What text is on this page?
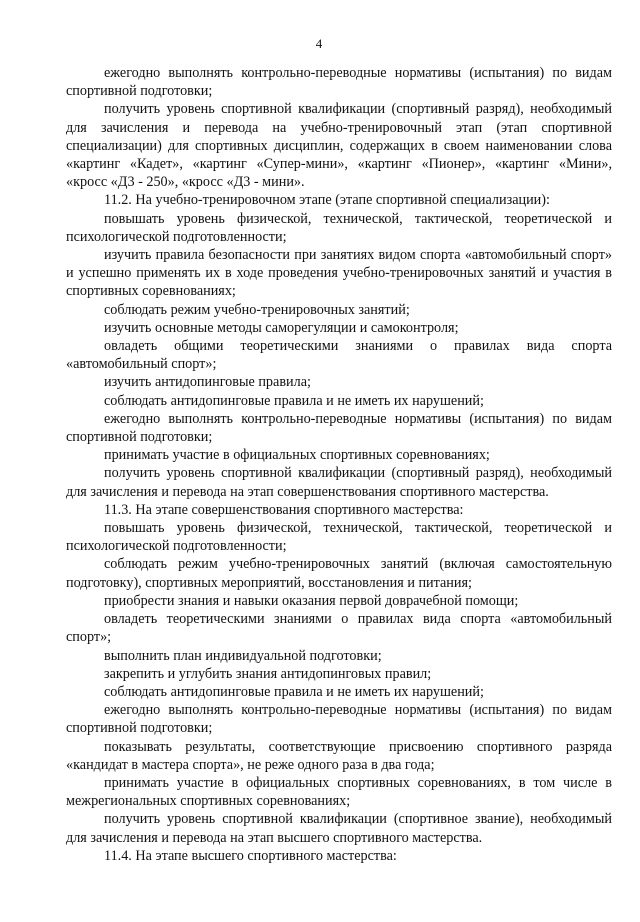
4

ежегодно выполнять контрольно-переводные нормативы (испытания) по видам спортивной подготовки;

получить уровень спортивной квалификации (спортивный разряд), необходимый для зачисления и перевода на учебно-тренировочный этап (этап спортивной специализации) для спортивных дисциплин, содержащих в своем наименовании слова «картинг «Кадет», «картинг «Супер-мини», «картинг «Пионер», «картинг «Мини», «кросс «Д3 - 250», «кросс «Д3 - мини».

11.2. На учебно-тренировочном этапе (этапе спортивной специализации):

повышать уровень физической, технической, тактической, теоретической и психологической подготовленности;

изучить правила безопасности при занятиях видом спорта «автомобильный спорт» и успешно применять их в ходе проведения учебно-тренировочных занятий и участия в спортивных соревнованиях;

соблюдать режим учебно-тренировочных занятий;

изучить основные методы саморегуляции и самоконтроля;

овладеть общими теоретическими знаниями о правилах вида спорта «автомобильный спорт»;

изучить антидопинговые правила;

соблюдать антидопинговые правила и не иметь их нарушений;

ежегодно выполнять контрольно-переводные нормативы (испытания) по видам спортивной подготовки;

принимать участие в официальных спортивных соревнованиях;

получить уровень спортивной квалификации (спортивный разряд), необходимый для зачисления и перевода на этап совершенствования спортивного мастерства.

11.3. На этапе совершенствования спортивного мастерства:

повышать уровень физической, технической, тактической, теоретической и психологической подготовленности;

соблюдать режим учебно-тренировочных занятий (включая самостоятельную подготовку), спортивных мероприятий, восстановления и питания;

приобрести знания и навыки оказания первой доврачебной помощи;

овладеть теоретическими знаниями о правилах вида спорта «автомобильный спорт»;

выполнить план индивидуальной подготовки;

закрепить и углубить знания антидопинговых правил;

соблюдать антидопинговые правила и не иметь их нарушений;

ежегодно выполнять контрольно-переводные нормативы (испытания) по видам спортивной подготовки;

показывать результаты, соответствующие присвоению спортивного разряда «кандидат в мастера спорта», не реже одного раза в два года;

принимать участие в официальных спортивных соревнованиях, в том числе в межрегиональных спортивных соревнованиях;

получить уровень спортивной квалификации (спортивное звание), необходимый для зачисления и перевода на этап высшего спортивного мастерства.

11.4. На этапе высшего спортивного мастерства:
